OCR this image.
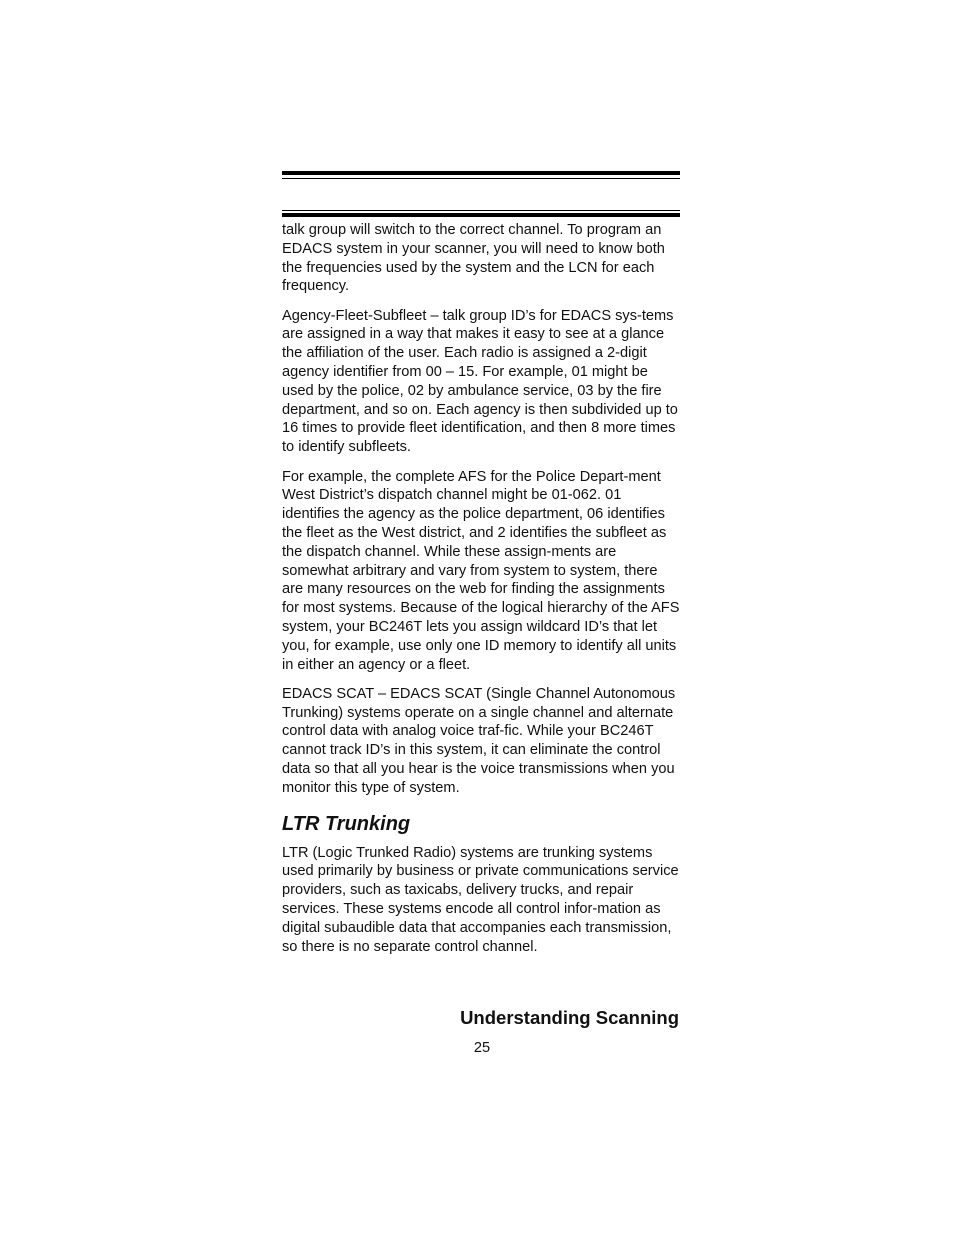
talk group will switch to the correct channel. To program an EDACS system in your scanner, you will need to know both the frequencies used by the system and the LCN for each frequency.

Agency-Fleet-Subfleet – talk group ID’s for EDACS sys-tems are assigned in a way that makes it easy to see at a glance the affiliation of the user. Each radio is assigned a 2-digit agency identifier from 00 – 15. For example, 01 might be used by the police, 02 by ambulance service, 03 by the fire department, and so on. Each agency is then subdivided up to 16 times to provide fleet identification, and then 8 more times to identify subfleets.

For example, the complete AFS for the Police Depart-ment West District’s dispatch channel might be 01-062. 01 identifies the agency as the police department, 06 identifies the fleet as the West district, and 2 identifies the subfleet as the dispatch channel. While these assign-ments are somewhat arbitrary and vary from system to system, there are many resources on the web for finding the assignments for most systems. Because of the logical hierarchy of the AFS system, your BC246T lets you assign wildcard ID’s that let you, for example, use only one ID memory to identify all units in either an agency or a fleet.

EDACS SCAT – EDACS SCAT (Single Channel Autonomous Trunking) systems operate on a single channel and alternate control data with analog voice traf-fic. While your BC246T cannot track ID’s in this system, it can eliminate the control data so that all you hear is the voice transmissions when you monitor this type of system.

LTR Trunking

LTR (Logic Trunked Radio) systems are trunking systems used primarily by business or private communications service providers, such as taxicabs, delivery trucks, and repair services. These systems encode all control infor-mation as digital subaudible data that accompanies each transmission, so there is no separate control channel.

Understanding Scanning
25
